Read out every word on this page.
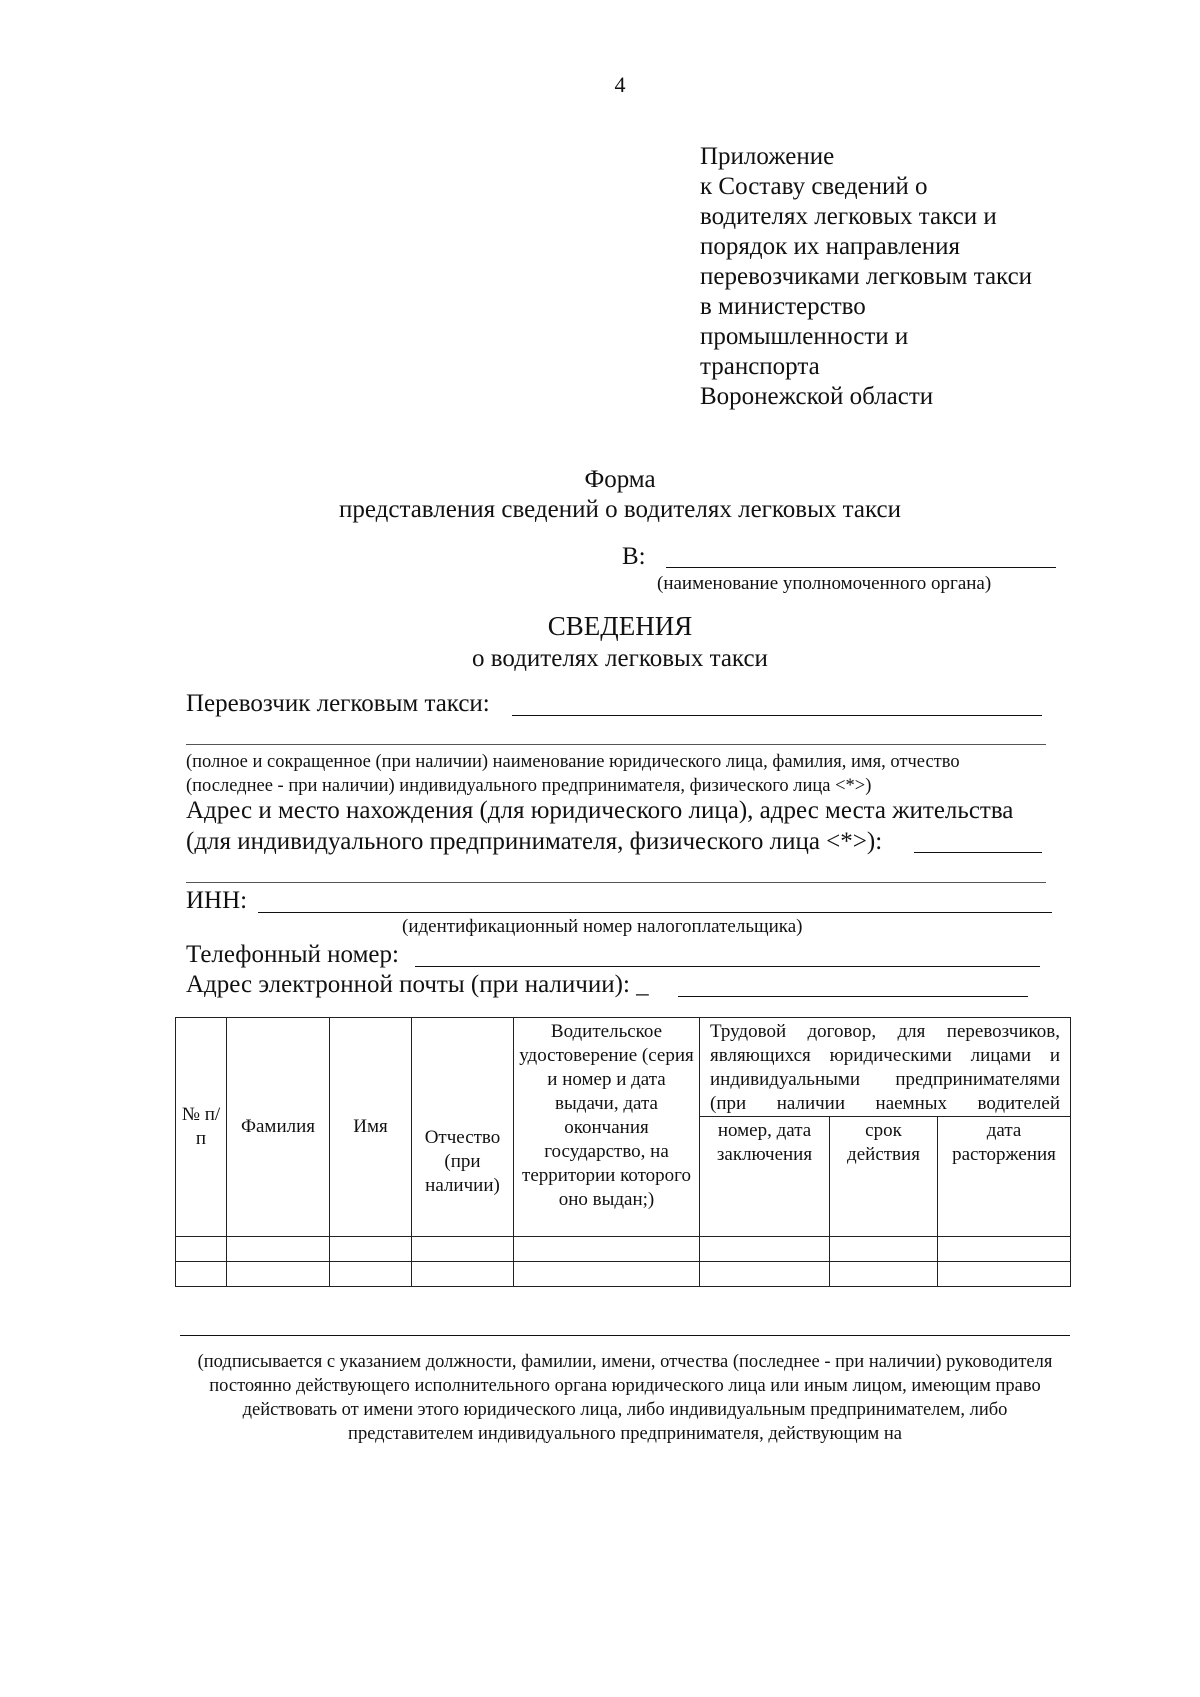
4
Приложение
к Составу сведений о
водителях легковых такси и
порядок их направления
перевозчиками легковым такси
в министерство
промышленности и
транспорта
Воронежской области
Форма
представления сведений о водителях легковых такси
В:
(наименование уполномоченного органа)
СВЕДЕНИЯ
о водителях легковых такси
Перевозчик легковым такси:
(полное и сокращенное (при наличии) наименование юридического лица, фамилия, имя, отчество
(последнее - при наличии) индивидуального предпринимателя, физического лица <*>)
Адрес и место нахождения (для юридического лица), адрес места жительства
(для индивидуального предпринимателя, физического лица <*>):
ИНН:
(идентификационный номер налогоплательщика)
Телефонный номер:
Адрес электронной почты (при наличии): _
№ п/п	Фамилия	Имя	Отчество (при наличии)	Водительское удостоверение (серия и номер и дата выдачи, дата окончания государство, на территории которого оно выдан;)	Трудовой договор, для перевозчиков, являющихся юридическими лицами и индивидуальными предпринимателями (при наличии наемных водителей		
					номер, дата заключения	срок действия	дата расторжения

(подписывается с указанием должности, фамилии, имени, отчества (последнее - при наличии) руководителя постоянно действующего исполнительного органа юридического лица или иным лицом, имеющим право действовать от имени этого юридического лица, либо индивидуальным предпринимателем, либо представителем индивидуального предпринимателя, действующим на
